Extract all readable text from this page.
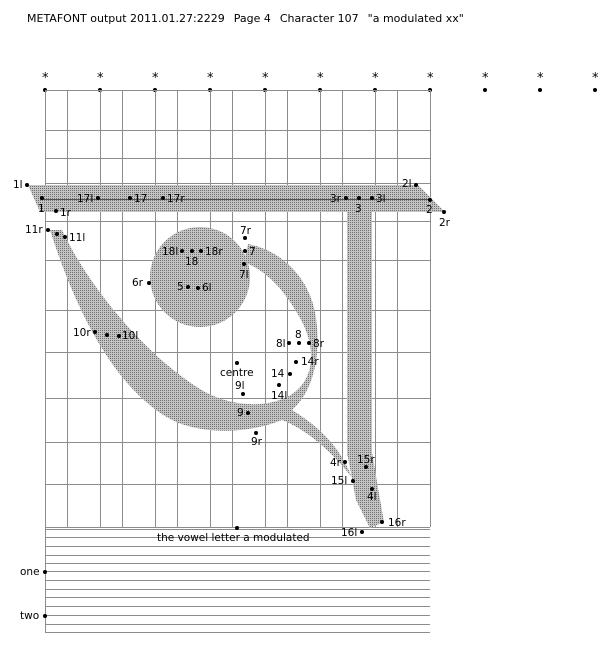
METAFONT output 2011.01.27:2229 Page 4 Character 107 "a modulated xx"
*	*	*	*	*	*	*	*	*	*	*
1l
1 1r
2l
2
2r
3r
3
3l
17l	17 17r
11r
11l
18l
18
18r
7r
7
7l
6r	5 6l
10r	10l	8
8l	8r
14r
14
14l
centre
9l
9
9r
4r 15r
15l
4l
16l
16r
the vowel letter a modulated
one
two
